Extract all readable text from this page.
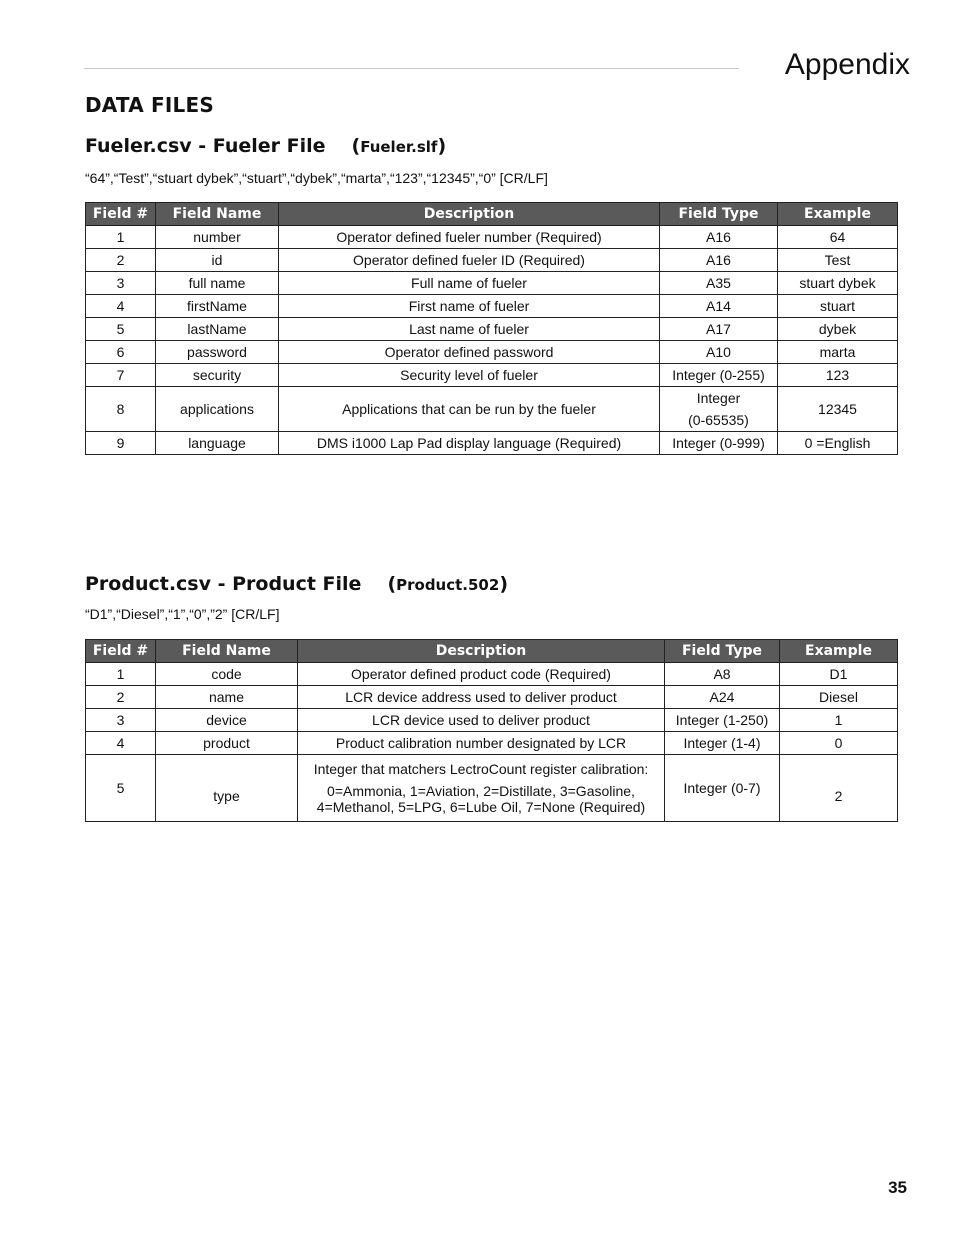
Appendix
DATA FILES
Fueler.csv - Fueler File (Fueler.slf)
“64”,“Test”,“stuart dybek”,“stuart”,“dybek”,“marta”,“123”,“12345”,“0” [CR/LF]
Field #	Field Name	Description	Field Type	Example
1	number	Operator defined fueler number (Required)	A16	64
2	id	Operator defined fueler ID (Required)	A16	Test
3	full name	Full name of fueler	A35	stuart dybek
4	firstName	First name of fueler	A14	stuart
5	lastName	Last name of fueler	A17	dybek
6	password	Operator defined password	A10	marta
7	security	Security level of fueler	Integer (0-255)	123
8	applications	Applications that can be run by the fueler	Integer
(0-65535)	12345
9	language	DMS i1000 Lap Pad display language (Required)	Integer (0-999)	0 =English
Product.csv - Product File (Product.502)
“D1”,“Diesel”,“1”,“0”,”2” [CR/LF]
Field #	Field Name	Description	Field Type	Example
1	code	Operator defined product code (Required)	A8	D1
2	name	LCR device address used to deliver product	A24	Diesel
3	device	LCR device used to deliver product	Integer (1-250)	1
4	product	Product calibration number designated by LCR	Integer (1-4)	0
5	type	Integer that matchers LectroCount register calibration:
0=Ammonia, 1=Aviation, 2=Distillate, 3=Gasoline,
4=Methanol, 5=LPG, 6=Lube Oil, 7=None (Required)	Integer (0-7)	2
35
